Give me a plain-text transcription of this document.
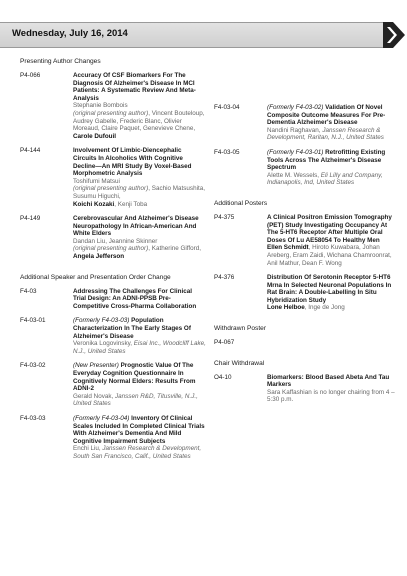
Wednesday, July 16, 2014
Presenting Author Changes
P4-066	Accuracy Of CSF Biomarkers For The Diagnosis Of Alzheimer's Disease In MCI Patients: A Systematic Review And Meta-Analysis
Stephanie Bombois
(original presenting author), Vincent Bouteloup, Audrey Gabelle, Frederic Blanc, Olivier Moreaud, Claire Paquet, Genevieve Chene,
Carole Dufouil
P4-144	Involvement Of Limbic-Diencephalic Circuits In Alcoholics With Cognitive Decline—An MRI Study By Voxel-Based Morphometric Analysis
Toshifumi Matsui
(original presenting author), Sachio Matsushita, Susumu Higuchi,
Koichi Kozaki, Kenji Toba
P4-149	Cerebrovascular And Alzheimer's Disease Neuropathology In African-American And White Elders
Dandan Liu, Jeannine Skinner
(original presenting author), Katherine Gifford, Angela Jefferson
Additional Speaker and Presentation Order Change
F4-03	Addressing The Challenges For Clinical Trial Design: An ADNI-PPSB Pre-Competitive Cross-Pharma Collaboration
F4-03-01	(Formerly F4-03-03) Population Characterization In The Early Stages Of Alzheimer's Disease
Veronika Logovinsky, Eisai Inc., Woodcliff Lake, N.J., United States
F4-03-02	(New Presenter) Prognostic Value Of The Everyday Cognition Questionnaire In Cognitively Normal Elders: Results From ADNI-2
Gerald Novak, Janssen R&D, Titusville, N.J., United States
F4-03-03	(Formerly F4-03-04) Inventory Of Clinical Scales Included In Completed Clinical Trials With Alzheimer's Dementia And Mild Cognitive Impairment Subjects
Enchi Liu, Janssen Research & Development, South San Francisco, Calif., United States
F4-03-04	(Formerly F4-03-02) Validation Of Novel Composite Outcome Measures For Pre-Dementia Alzheimer's Disease
Nandini Raghavan, Janssen Research & Development, Raritan, N.J., United States
F4-03-05	(Formerly F4-03-01) Retrofitting Existing Tools Across The Alzheimer's Disease Spectrum
Alette M. Wessels, Eli Lilly and Company, Indianapolis, Ind, United States
Additional Posters
P4-375	A Clinical Positron Emission Tomography (PET) Study Investigating Occupancy At The 5-HT6 Receptor After Multiple Oral Doses Of Lu AE58054 To Healthy Men
Ellen Schmidt, Hiroto Kuwabara, Johan Areberg, Eram Zaidi, Wichana Chamroonrat, Anil Mathur, Dean F. Wong
P4-376	Distribution Of Serotonin Receptor 5-HT6 Mrna In Selected Neuronal Populations In Rat Brain: A Double-Labelling In Situ Hybridization Study
Lone Helboe, Inge de Jong
Withdrawn Poster
P4-067
Chair Withdrawal
O4-10	Biomarkers: Blood Based Abeta And Tau Markers
Sara Kaffashian is no longer chairing from 4 – 5:30 p.m.
